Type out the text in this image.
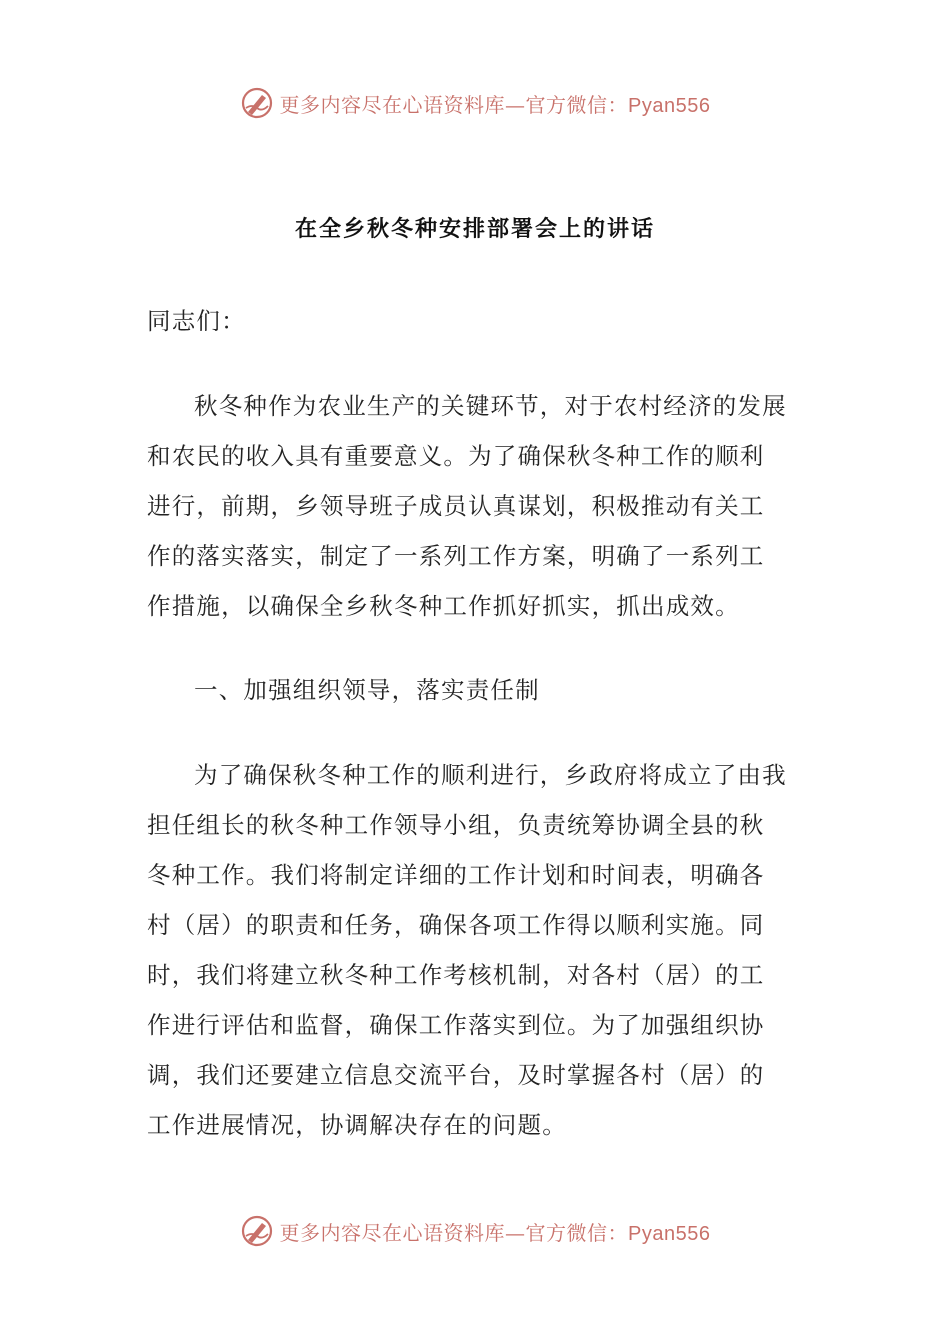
更多内容尽在心语资料库—官方微信：Pyan556
在全乡秋冬种安排部署会上的讲话

同志们：

秋冬种作为农业生产的关键环节，对于农村经济的发展和农民的收入具有重要意义。为了确保秋冬种工作的顺利进行，前期，乡领导班子成员认真谋划，积极推动有关工作的落实落实，制定了一系列工作方案，明确了一系列工作措施，以确保全乡秋冬种工作抓好抓实，抓出成效。

一、加强组织领导，落实责任制

为了确保秋冬种工作的顺利进行，乡政府将成立了由我担任组长的秋冬种工作领导小组，负责统筹协调全县的秋冬种工作。我们将制定详细的工作计划和时间表，明确各村（居）的职责和任务，确保各项工作得以顺利实施。同时，我们将建立秋冬种工作考核机制，对各村（居）的工作进行评估和监督，确保工作落实到位。为了加强组织协调，我们还要建立信息交流平台，及时掌握各村（居）的工作进展情况，协调解决存在的问题。

更多内容尽在心语资料库—官方微信：Pyan556
